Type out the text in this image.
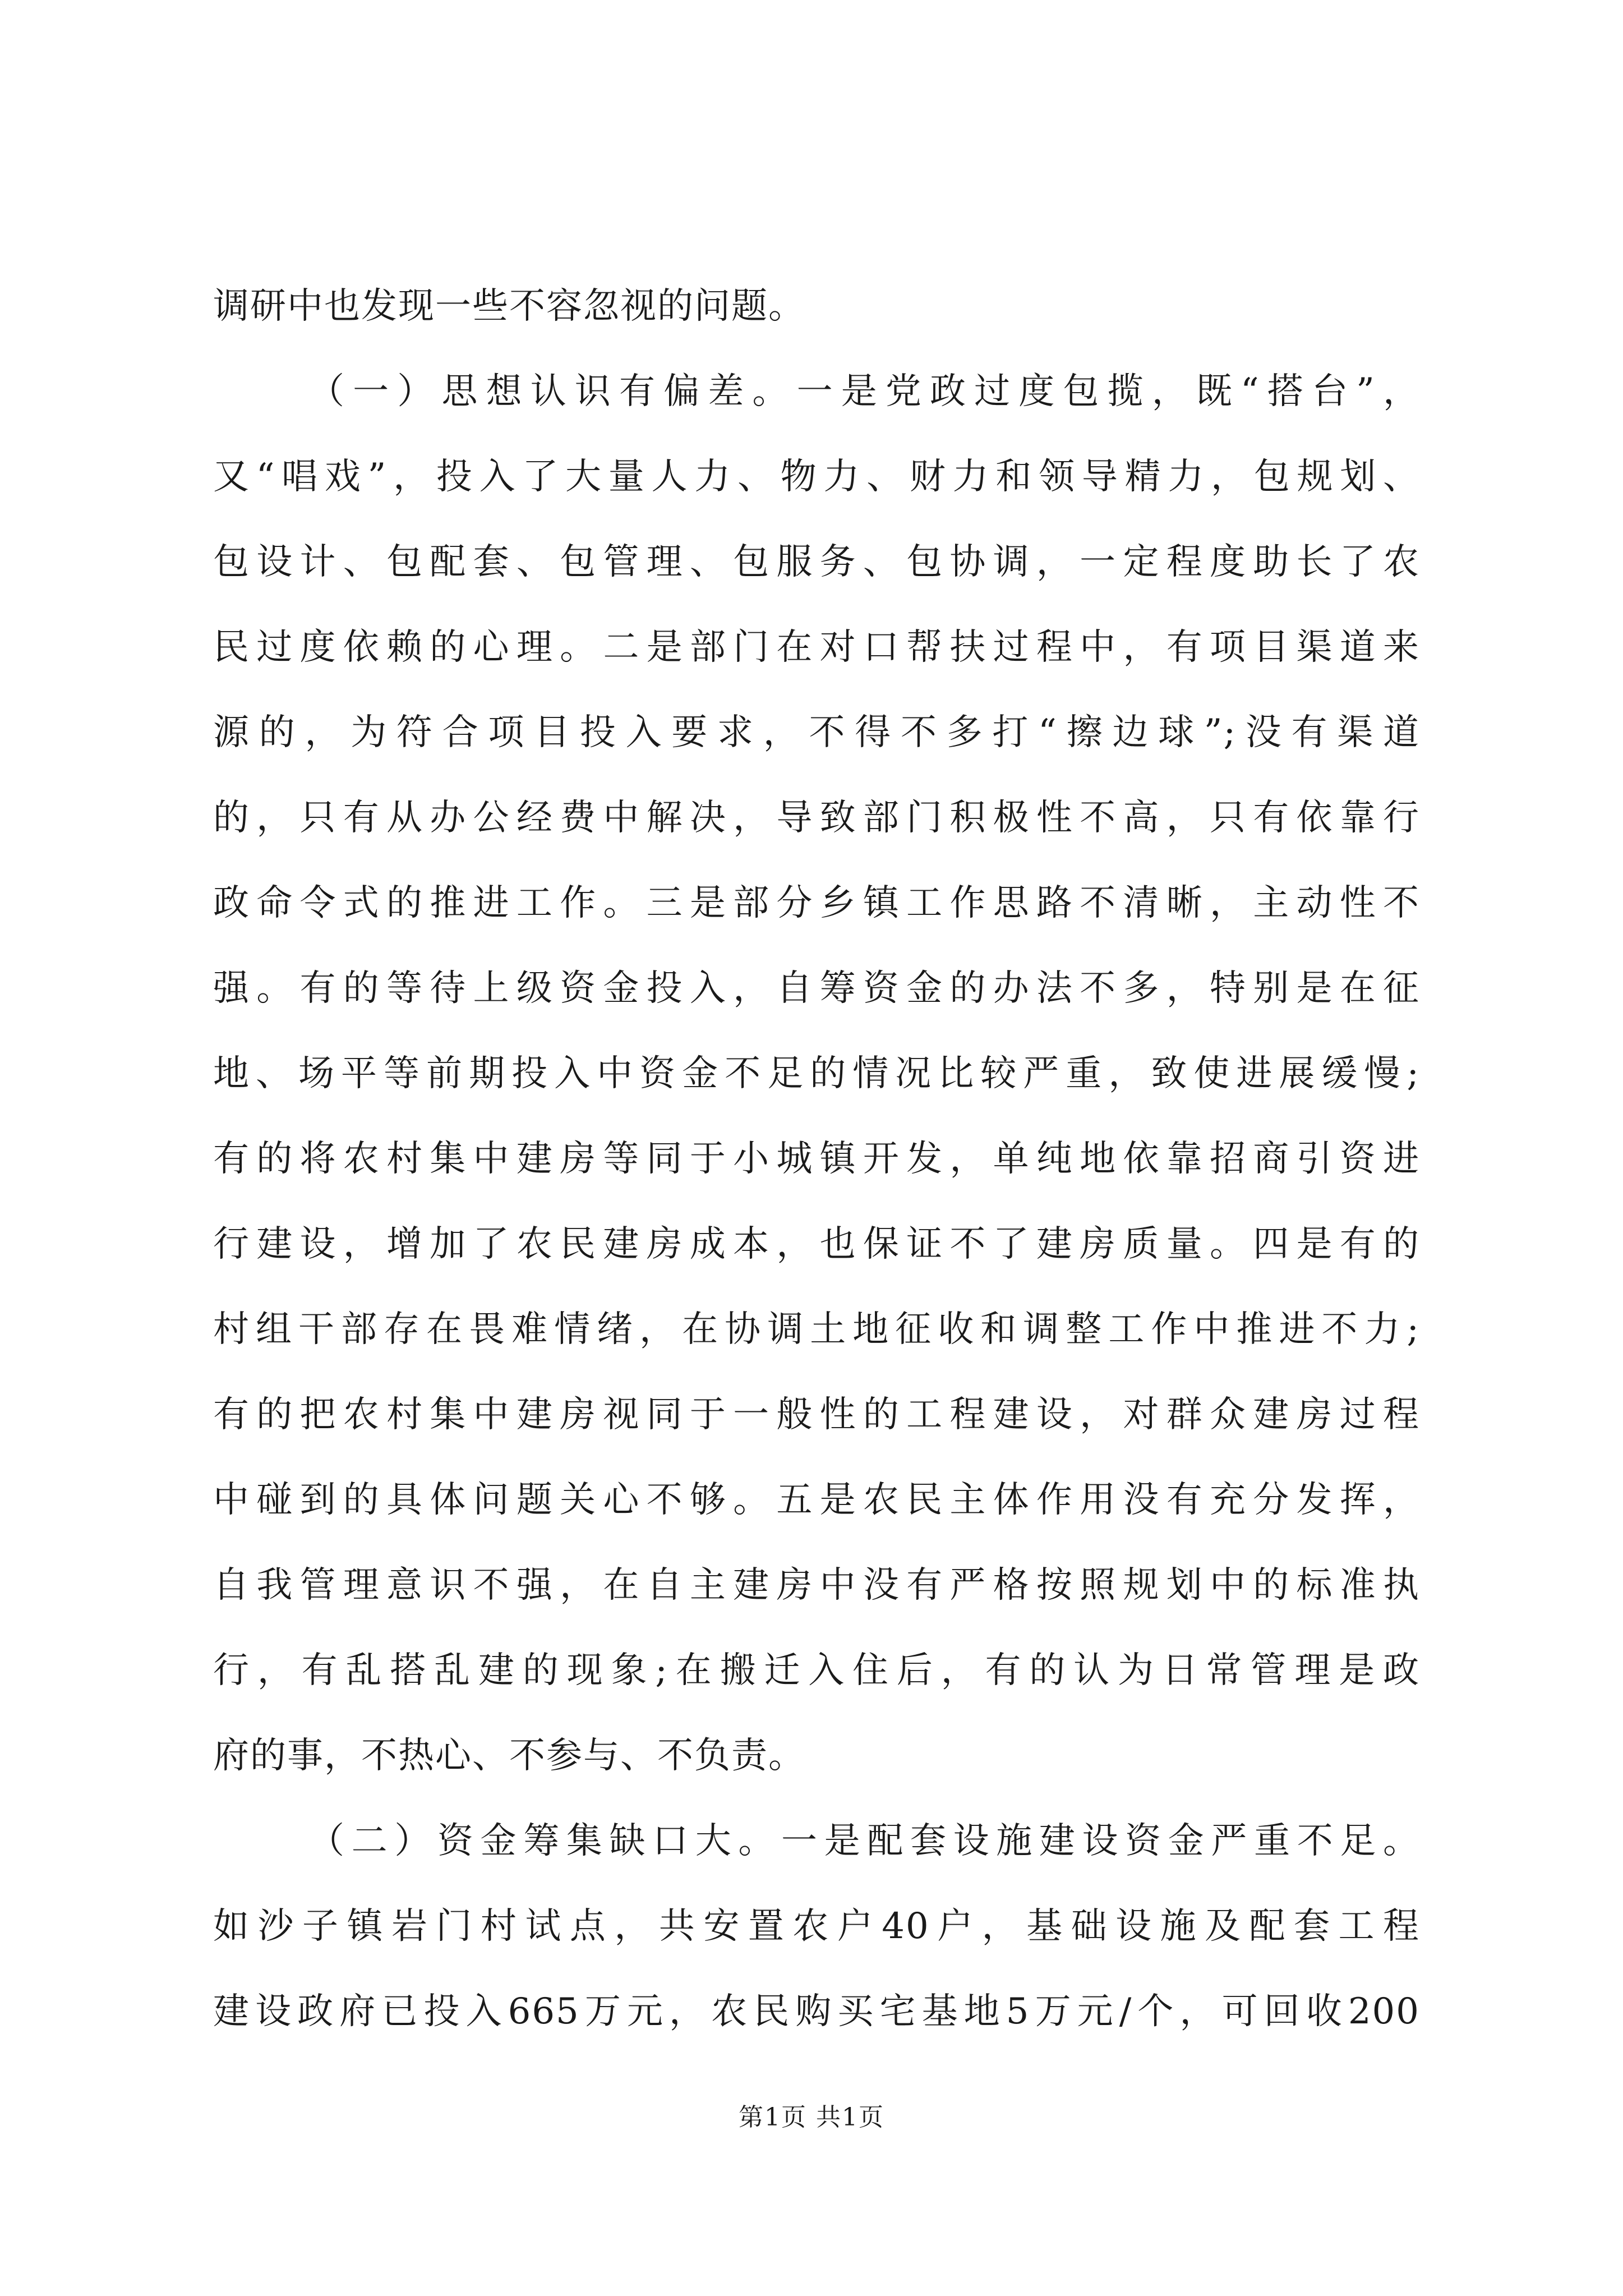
调研中也发现一些不容忽视的问题。
（一）思想认识有偏差。一是党政过度包揽，既“搭台”，
又“唱戏”，投入了大量人力、物力、财力和领导精力，包规划、
包设计、包配套、包管理、包服务、包协调，一定程度助长了农
民过度依赖的心理。二是部门在对口帮扶过程中，有项目渠道来
源的，为符合项目投入要求，不得不多打“擦边球”;没有渠道
的，只有从办公经费中解决，导致部门积极性不高，只有依靠行
政命令式的推进工作。三是部分乡镇工作思路不清晰，主动性不
强。有的等待上级资金投入，自筹资金的办法不多，特别是在征
地、场平等前期投入中资金不足的情况比较严重，致使进展缓慢;
有的将农村集中建房等同于小城镇开发，单纯地依靠招商引资进
行建设，增加了农民建房成本，也保证不了建房质量。四是有的
村组干部存在畏难情绪，在协调土地征收和调整工作中推进不力;
有的把农村集中建房视同于一般性的工程建设，对群众建房过程
中碰到的具体问题关心不够。五是农民主体作用没有充分发挥，
自我管理意识不强，在自主建房中没有严格按照规划中的标准执
行，有乱搭乱建的现象;在搬迁入住后，有的认为日常管理是政
府的事，不热心、不参与、不负责。
（二）资金筹集缺口大。一是配套设施建设资金严重不足。
如沙子镇岩门村试点，共安置农户40户，基础设施及配套工程
建设政府已投入665万元，农民购买宅基地5万元/个，可回收200
第1页 共1页
